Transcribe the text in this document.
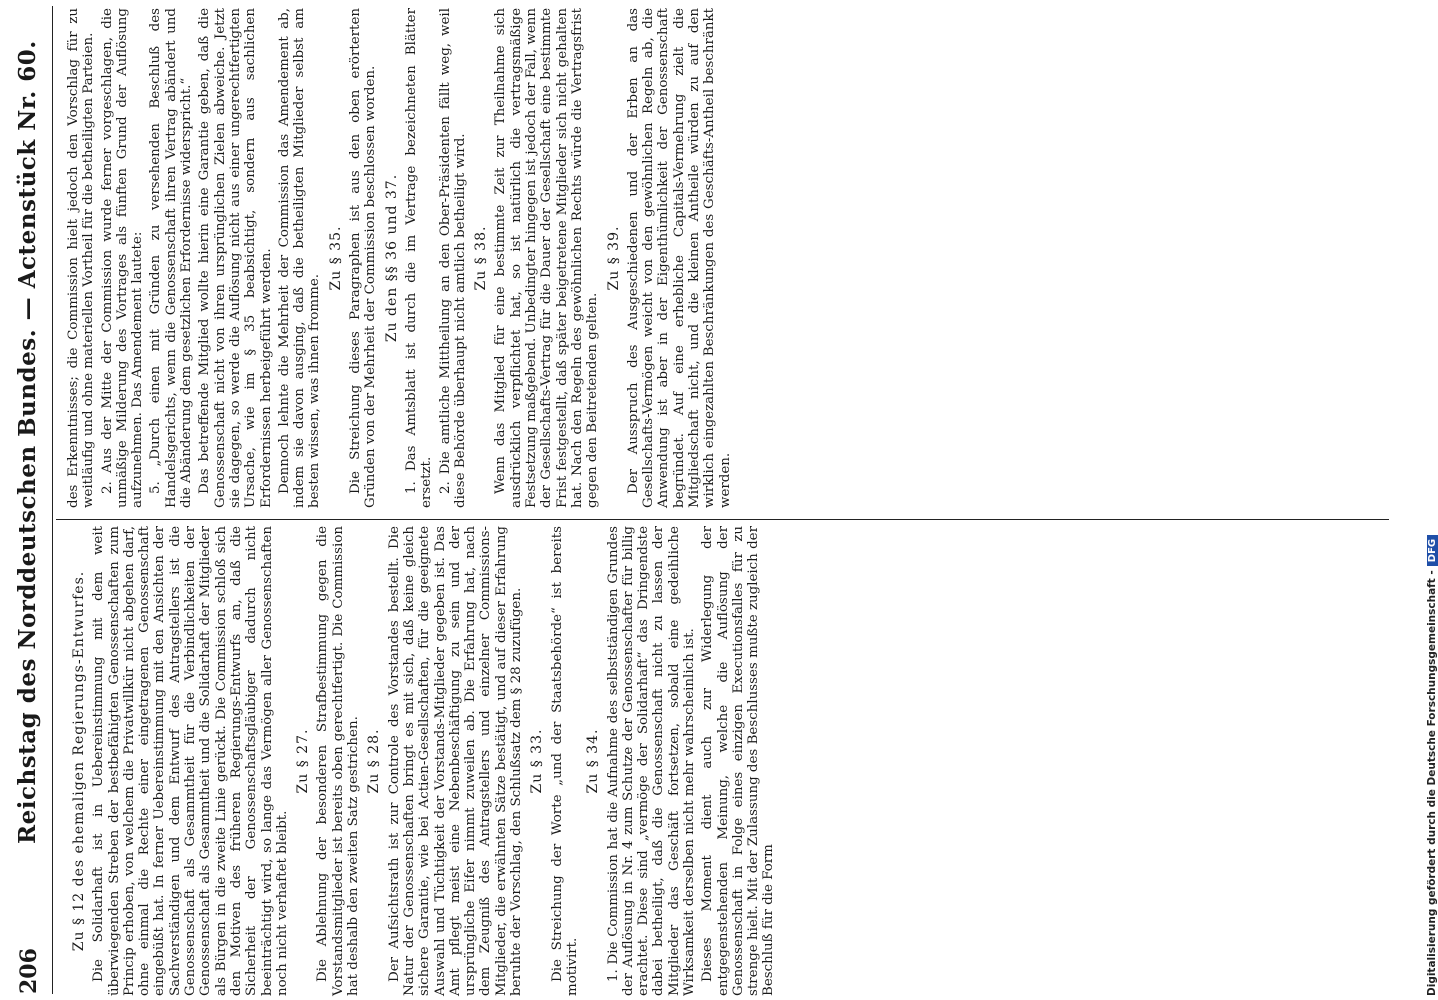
206
Reichstag des Norddeutschen Bundes. — Actenstück Nr. 60. Zu § 12 des ehemaligen Regierungs-Entwurfes. Die Solidarhaft ist in Uebereinstimmung mit dem weit überwiegenden Streben der bestbefähigten Genossenschaften zum Princip erhoben, von welchem die Privatwillkür nicht abgehen darf, ohne einmal die Rechte einer eingetragenen Genossenschaft eingebüßt hat. In ferner Uebereinstimmung mit den Ansichten der Sachverständigen und dem Entwurf des Antragstellers ist die Genossenschaft als Gesammtheit für die Verbindlichkeiten der Genossenschaft als Gesammtheit und die Solidarhaft der Mitglieder als Bürgen in die zweite Linie gerückt. Die Commission schloß sich den Motiven des früheren Regierungs-Entwurfs an, daß die Sicherheit der Genossenschaftsgläubiger dadurch nicht beeinträchtigt wird, so lange das Vermögen aller Genossenschaften noch nicht verhaftet bleibt.

Zu § 27. Die Ablehnung der besonderen Strafbestimmung gegen die Vorstandsmitglieder ist bereits oben gerechtfertigt. Die Commission hat deshalb den zweiten Satz gestrichen. Zu § 28. Der Aufsichtsrath ist zur Controle des Vorstandes bestellt. Die Natur der Genossenschaften bringt es mit sich, daß keine gleich sichere Garantie, wie bei Actien-Gesellschaften, für die geeignete Auswahl und Tüchtigkeit der Vorstands-Mitglieder gegeben ist. Das Amt pflegt meist eine Nebenbeschäftigung zu sein und der ursprüngliche Eifer nimmt zuweilen ab. Die Erfahrung hat, nach dem Zeugniß des Antragstellers und einzelner Commissions-Mitglieder, die erwähnten Sätze bestätigt, und auf dieser Erfahrung beruhte der Vorschlag, den Schlußsatz dem § 28 zuzufügen. Zu § 33. Die Streichung der Worte „und der Staatsbehörde“ ist bereits motivirt.

Zu § 34. 1. Die Commission hat die Aufnahme des selbstständigen Grundes der Auflösung in Nr. 4 zum Schutze der Genossenschafter für billig erachtet. Diese sind „vermöge der Solidarhaft“ das Dringendste dabei betheiligt, daß die Genossenschaft nicht zu lassen der Mitglieder das Geschäft fortsetzen, sobald eine gedeihliche Wirksamkeit derselben nicht mehr wahrscheinlich ist. Dieses Moment dient auch zur Widerlegung der entgegenstehenden Meinung, welche die Auflösung der Genossenschaft in Folge eines einzigen Executionsfalles für zu strenge hielt. Mit der Zulassung des Beschlusses mußte zugleich der Beschluß für die Form

des Erkenntnisses; die Commission hielt jedoch den Vorschlag für zu weitläufig und ohne materiellen Vortheil für die betheiligten Parteien. 2. Aus der Mitte der Commission wurde ferner vorgeschlagen, die unmäßige Milderung des Vortrages als fünften Grund der Auflösung aufzunehmen. Das Amendement lautete: 5. „Durch einen mit Gründen zu versehenden Beschluß des Handelsgerichts, wenn die Genossenschaft ihren Vertrag abändert und die Abänderung dem gesetzlichen Erfordernisse widerspricht.“ Das betreffende Mitglied wollte hierin eine Garantie geben, daß die Genossenschaft nicht von ihren ursprünglichen Zielen abweiche. Jetzt sie dagegen, so werde die Auflösung nicht aus einer ungerechtfertigten Ursache, wie im § 35 beabsichtigt, sondern aus sachlichen Erfordernissen herbeigeführt werden. Dennoch lehnte die Mehrheit der Commission das Amendement ab, indem sie davon ausging, daß die betheiligten Mitglieder selbst am besten wissen, was ihnen fromme.

Zu § 35. Die Streichung dieses Paragraphen ist aus den oben erörterten Gründen von der Mehrheit der Commission beschlossen worden. Zu den §§ 36 und 37. 1. Das Amtsblatt ist durch die im Vertrage bezeichneten Blätter ersetzt. 2. Die amtliche Mittheilung an den Ober-Präsidenten fällt weg, weil diese Behörde überhaupt nicht amtlich betheiligt wird. Zu § 38. Wenn das Mitglied für eine bestimmte Zeit zur Theilnahme sich ausdrücklich verpflichtet hat, so ist natürlich die vertragsmäßige Festsetzung maßgebend. Unbedingter hingegen ist jedoch der Fall, wenn der Gesellschafts-Vertrag für die Dauer der Gesellschaft eine bestimmte Frist festgestellt, daß später beigetretene Mitglieder sich nicht gehalten hat. Nach den Regeln des gewöhnlichen Rechts würde die Vertragsfrist gegen den Beitretenden gelten.

Zu § 39. Der Ausspruch des Ausgeschiedenen und der Erben an das Gesellschafts-Vermögen weicht von den gewöhnlichen Regeln ab, die Anwendung ist aber in der Eigenthümlichkeit der Genossenschaft begründet. Auf eine erhebliche Capitals-Vermehrung zielt die Mitgliedschaft nicht, und die kleinen Antheile würden zu auf den wirklich eingezahlten Beschränkungen des Geschäfts-Antheil beschränkt werden.

Digitalisierung gefördert durch die Deutsche Forschungsgemeinschaft -DFG
